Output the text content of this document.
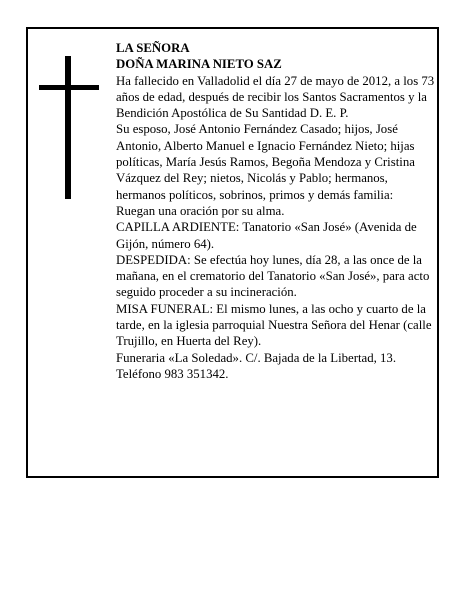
LA SEÑORA

DOÑA MARINA NIETO SAZ

Ha fallecido en Valladolid el día 27 de mayo de 2012, a los 73 años de edad, después de recibir los Santos Sacramentos y la Bendición Apostólica de Su Santidad D. E. P.

Su esposo, José Antonio Fernández Casado; hijos, José Antonio, Alberto Manuel e Ignacio Fernández Nieto; hijas políticas, María Jesús Ramos, Begoña Mendoza y Cristina Vázquez del Rey; nietos, Nicolás y Pablo; hermanos, hermanos políticos, sobrinos, primos y demás familia:

Ruegan una oración por su alma.

CAPILLA ARDIENTE: Tanatorio «San José» (Avenida de Gijón, número 64).

DESPEDIDA: Se efectúa hoy lunes, día 28, a las once de la mañana, en el crematorio del Tanatorio «San José», para acto seguido proceder a su incineración.

MISA FUNERAL: El mismo lunes, a las ocho y cuarto de la tarde, en la iglesia parroquial Nuestra Señora del Henar (calle Trujillo, en Huerta del Rey).

Funeraria «La Soledad». C/. Bajada de la Libertad, 13. Teléfono 983 351342.
